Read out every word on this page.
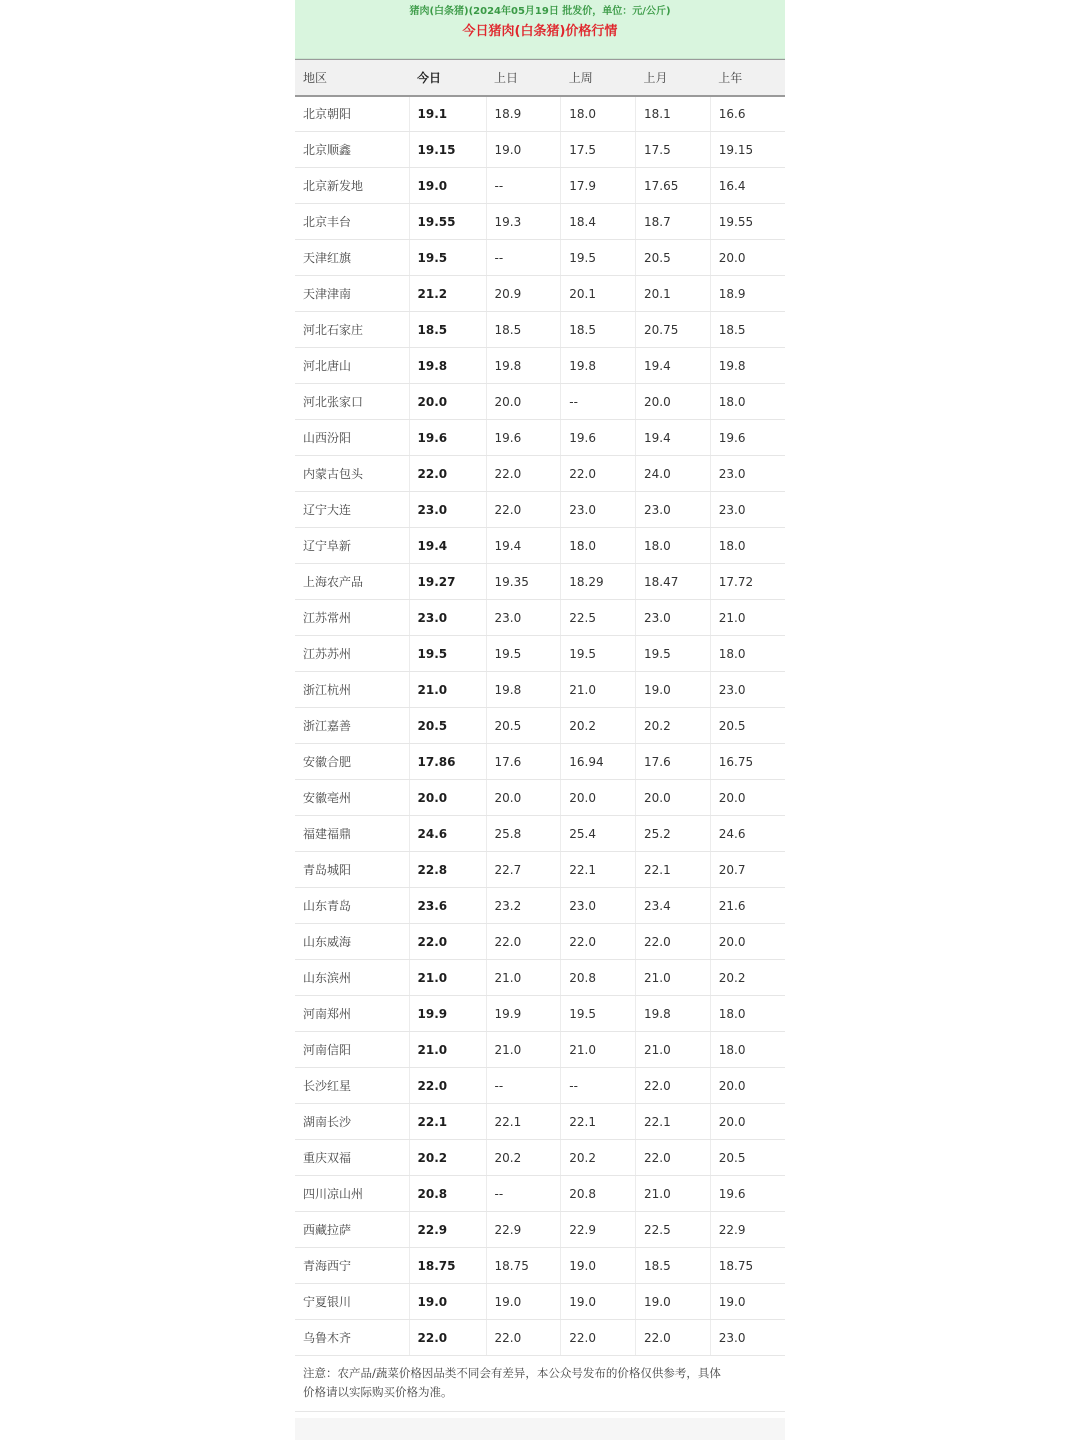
猪肉(白条猪)(2024年05月19日 批发价，单位：元/公斤)
今日猪肉(白条猪)价格行情
地区	今日	上日	上周	上月	上年
北京朝阳	19.1	18.9	18.0	18.1	16.6
北京顺鑫	19.15	19.0	17.5	17.5	19.15
北京新发地	19.0	--	17.9	17.65	16.4
北京丰台	19.55	19.3	18.4	18.7	19.55
天津红旗	19.5	--	19.5	20.5	20.0
天津津南	21.2	20.9	20.1	20.1	18.9
河北石家庄	18.5	18.5	18.5	20.75	18.5
河北唐山	19.8	19.8	19.8	19.4	19.8
河北张家口	20.0	20.0	--	20.0	18.0
山西汾阳	19.6	19.6	19.6	19.4	19.6
内蒙古包头	22.0	22.0	22.0	24.0	23.0
辽宁大连	23.0	22.0	23.0	23.0	23.0
辽宁阜新	19.4	19.4	18.0	18.0	18.0
上海农产品	19.27	19.35	18.29	18.47	17.72
江苏常州	23.0	23.0	22.5	23.0	21.0
江苏苏州	19.5	19.5	19.5	19.5	18.0
浙江杭州	21.0	19.8	21.0	19.0	23.0
浙江嘉善	20.5	20.5	20.2	20.2	20.5
安徽合肥	17.86	17.6	16.94	17.6	16.75
安徽亳州	20.0	20.0	20.0	20.0	20.0
福建福鼎	24.6	25.8	25.4	25.2	24.6
青岛城阳	22.8	22.7	22.1	22.1	20.7
山东青岛	23.6	23.2	23.0	23.4	21.6
山东威海	22.0	22.0	22.0	22.0	20.0
山东滨州	21.0	21.0	20.8	21.0	20.2
河南郑州	19.9	19.9	19.5	19.8	18.0
河南信阳	21.0	21.0	21.0	21.0	18.0
长沙红星	22.0	--	--	22.0	20.0
湖南长沙	22.1	22.1	22.1	22.1	20.0
重庆双福	20.2	20.2	20.2	22.0	20.5
四川凉山州	20.8	--	20.8	21.0	19.6
西藏拉萨	22.9	22.9	22.9	22.5	22.9
青海西宁	18.75	18.75	19.0	18.5	18.75
宁夏银川	19.0	19.0	19.0	19.0	19.0
乌鲁木齐	22.0	22.0	22.0	22.0	23.0
注意：农产品/蔬菜价格因品类不同会有差异，本公众号发布的价格仅供参考，具体
价格请以实际购买价格为准。
